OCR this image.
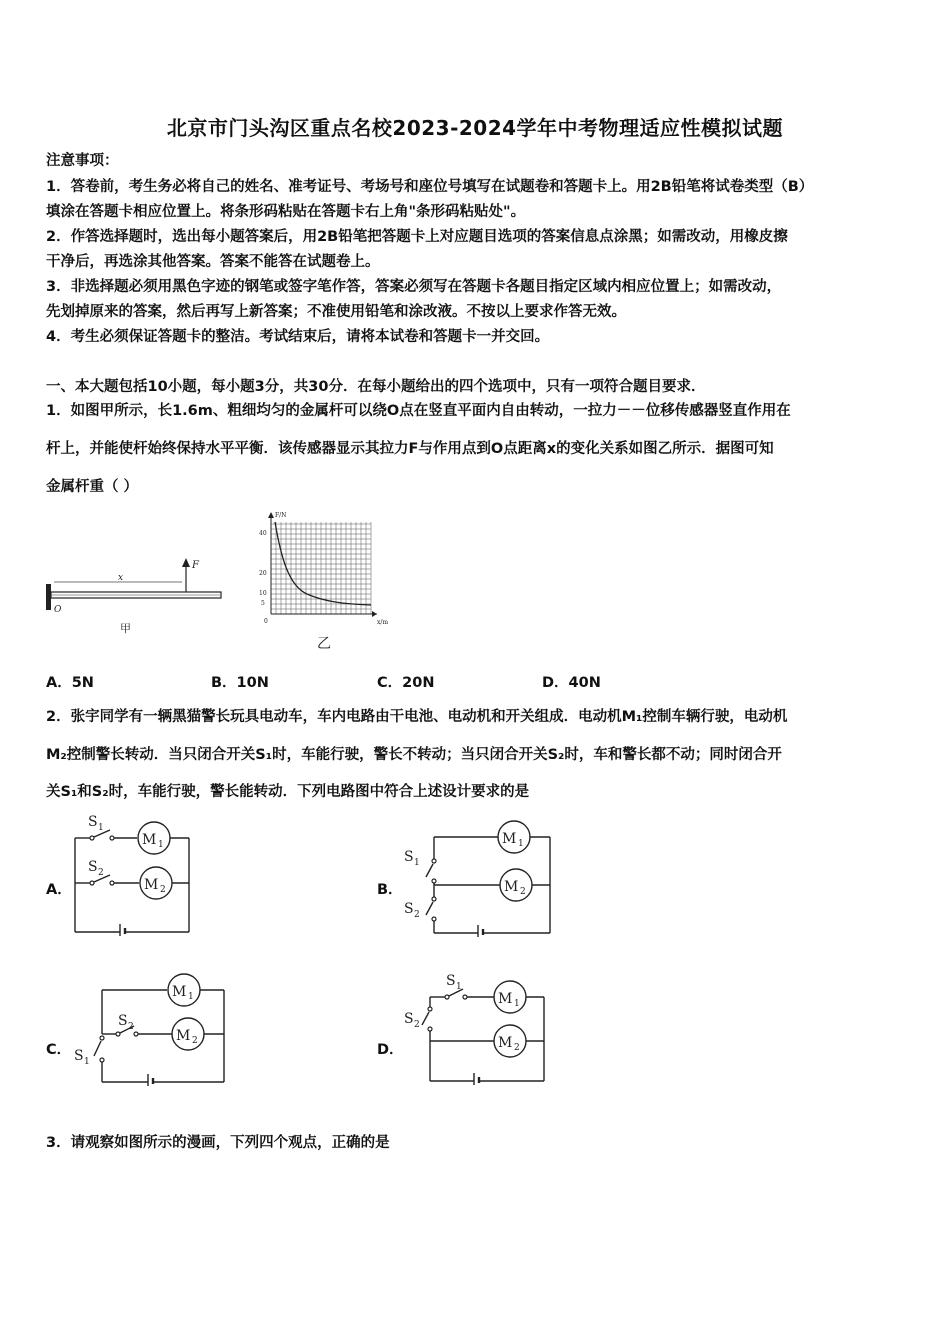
北京市门头沟区重点名校2023-2024学年中考物理适应性模拟试题
注意事项：
1．答卷前，考生务必将自己的姓名、准考证号、考场号和座位号填写在试题卷和答题卡上。用2B铅笔将试卷类型（B）
填涂在答题卡相应位置上。将条形码粘贴在答题卡右上角"条形码粘贴处"。
2．作答选择题时，选出每小题答案后，用2B铅笔把答题卡上对应题目选项的答案信息点涂黑；如需改动，用橡皮擦
干净后，再选涂其他答案。答案不能答在试题卷上。
3．非选择题必须用黑色字迹的钢笔或签字笔作答，答案必须写在答题卡各题目指定区域内相应位置上；如需改动，
先划掉原来的答案，然后再写上新答案；不准使用铅笔和涂改液。不按以上要求作答无效。
4．考生必须保证答题卡的整洁。考试结束后，请将本试卷和答题卡一并交回。
一、本大题包括10小题，每小题3分，共30分．在每小题给出的四个选项中，只有一项符合题目要求．
1．如图甲所示，长1.6m、粗细均匀的金属杆可以绕O点在竖直平面内自由转动，一拉力－－位移传感器竖直作用在
杆上，并能使杆始终保持水平平衡．该传感器显示其拉力F与作用点到O点距离x的变化关系如图乙所示．据图可知
金属杆重（ ）
x
F
O
甲
F/N
x/m
40
20
10
5
0
乙
A．5N	B．10N	C．20N	D．40N
2．张宇同学有一辆黑猫警长玩具电动车，车内电路由干电池、电动机和开关组成．电动机M₁控制车辆行驶，电动机
M₂控制警长转动．当只闭合开关S₁时，车能行驶，警长不转动；当只闭合开关S₂时，车和警长都不动；同时闭合开
关S₁和S₂时，车能行驶，警长能转动．下列电路图中符合上述设计要求的是
A．
S 1
S 2
M 1
M 2	B．
S 1
S 2
M 1
M 2
C．
S 2
S 1
M 1
M 2
D．
S 1
S 2
M 1
M 2
3．请观察如图所示的漫画，下列四个观点，正确的是
